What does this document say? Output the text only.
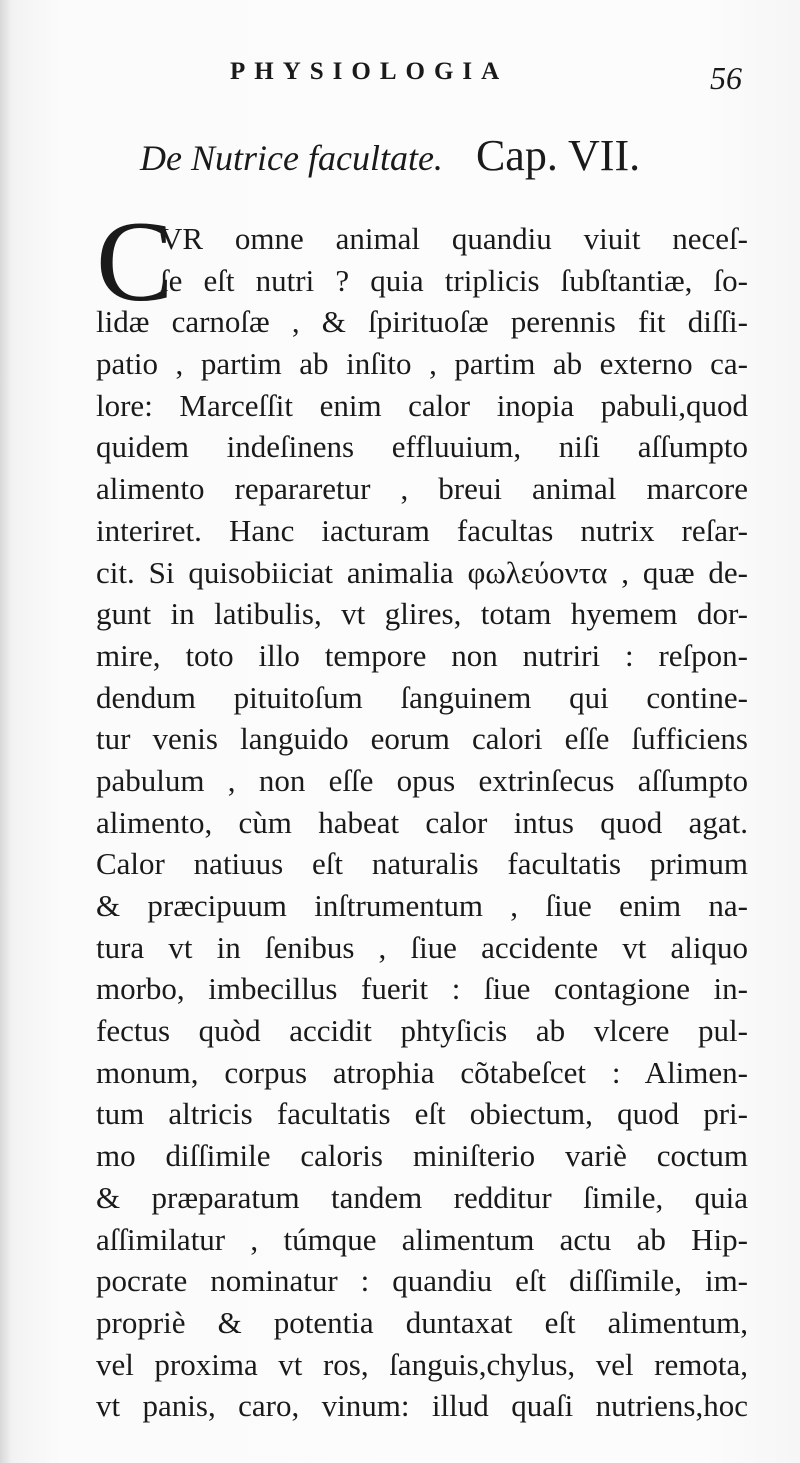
PHYSIOLOGIA	56
De Nutrice facultate. Cap. VII.
C
VR omne animal quandiu viuit neceſ-
ſe eſt nutri ? quia triplicis ſubſtantiæ, ſo-
lidæ carnoſæ , & ſpirituoſæ perennis fit diſſi-
patio , partim ab inſito , partim ab externo ca-
lore: Marceſſit enim calor inopia pabuli,quod
quidem indeſinens effluuium, niſi aſſumpto
alimento repararetur , breui animal marcore
interiret. Hanc iacturam facultas nutrix reſar-
cit. Si quisobiiciat animalia φωλεύοντα , quæ de-
gunt in latibulis, vt glires, totam hyemem dor-
mire, toto illo tempore non nutriri : reſpon-
dendum pituitoſum ſanguinem qui contine-
tur venis languido eorum calori eſſe ſufficiens
pabulum , non eſſe opus extrinſecus aſſumpto
alimento, cùm habeat calor intus quod agat.
Calor natiuus eſt naturalis facultatis primum
& præcipuum inſtrumentum , ſiue enim na-
tura vt in ſenibus , ſiue accidente vt aliquo
morbo, imbecillus fuerit : ſiue contagione in-
fectus quòd accidit phtyſicis ab vlcere pul-
monum, corpus atrophia cõtabeſcet : Alimen-
tum altricis facultatis eſt obiectum, quod pri-
mo diſſimile caloris miniſterio variè coctum
& præparatum tandem redditur ſimile, quia
aſſimilatur , túmque alimentum actu ab Hip-
pocrate nominatur : quandiu eſt diſſimile, im-
propriè & potentia duntaxat eſt alimentum,
vel proxima vt ros, ſanguis,chylus, vel remota,
vt panis, caro, vinum: illud quaſi nutriens,hoc
